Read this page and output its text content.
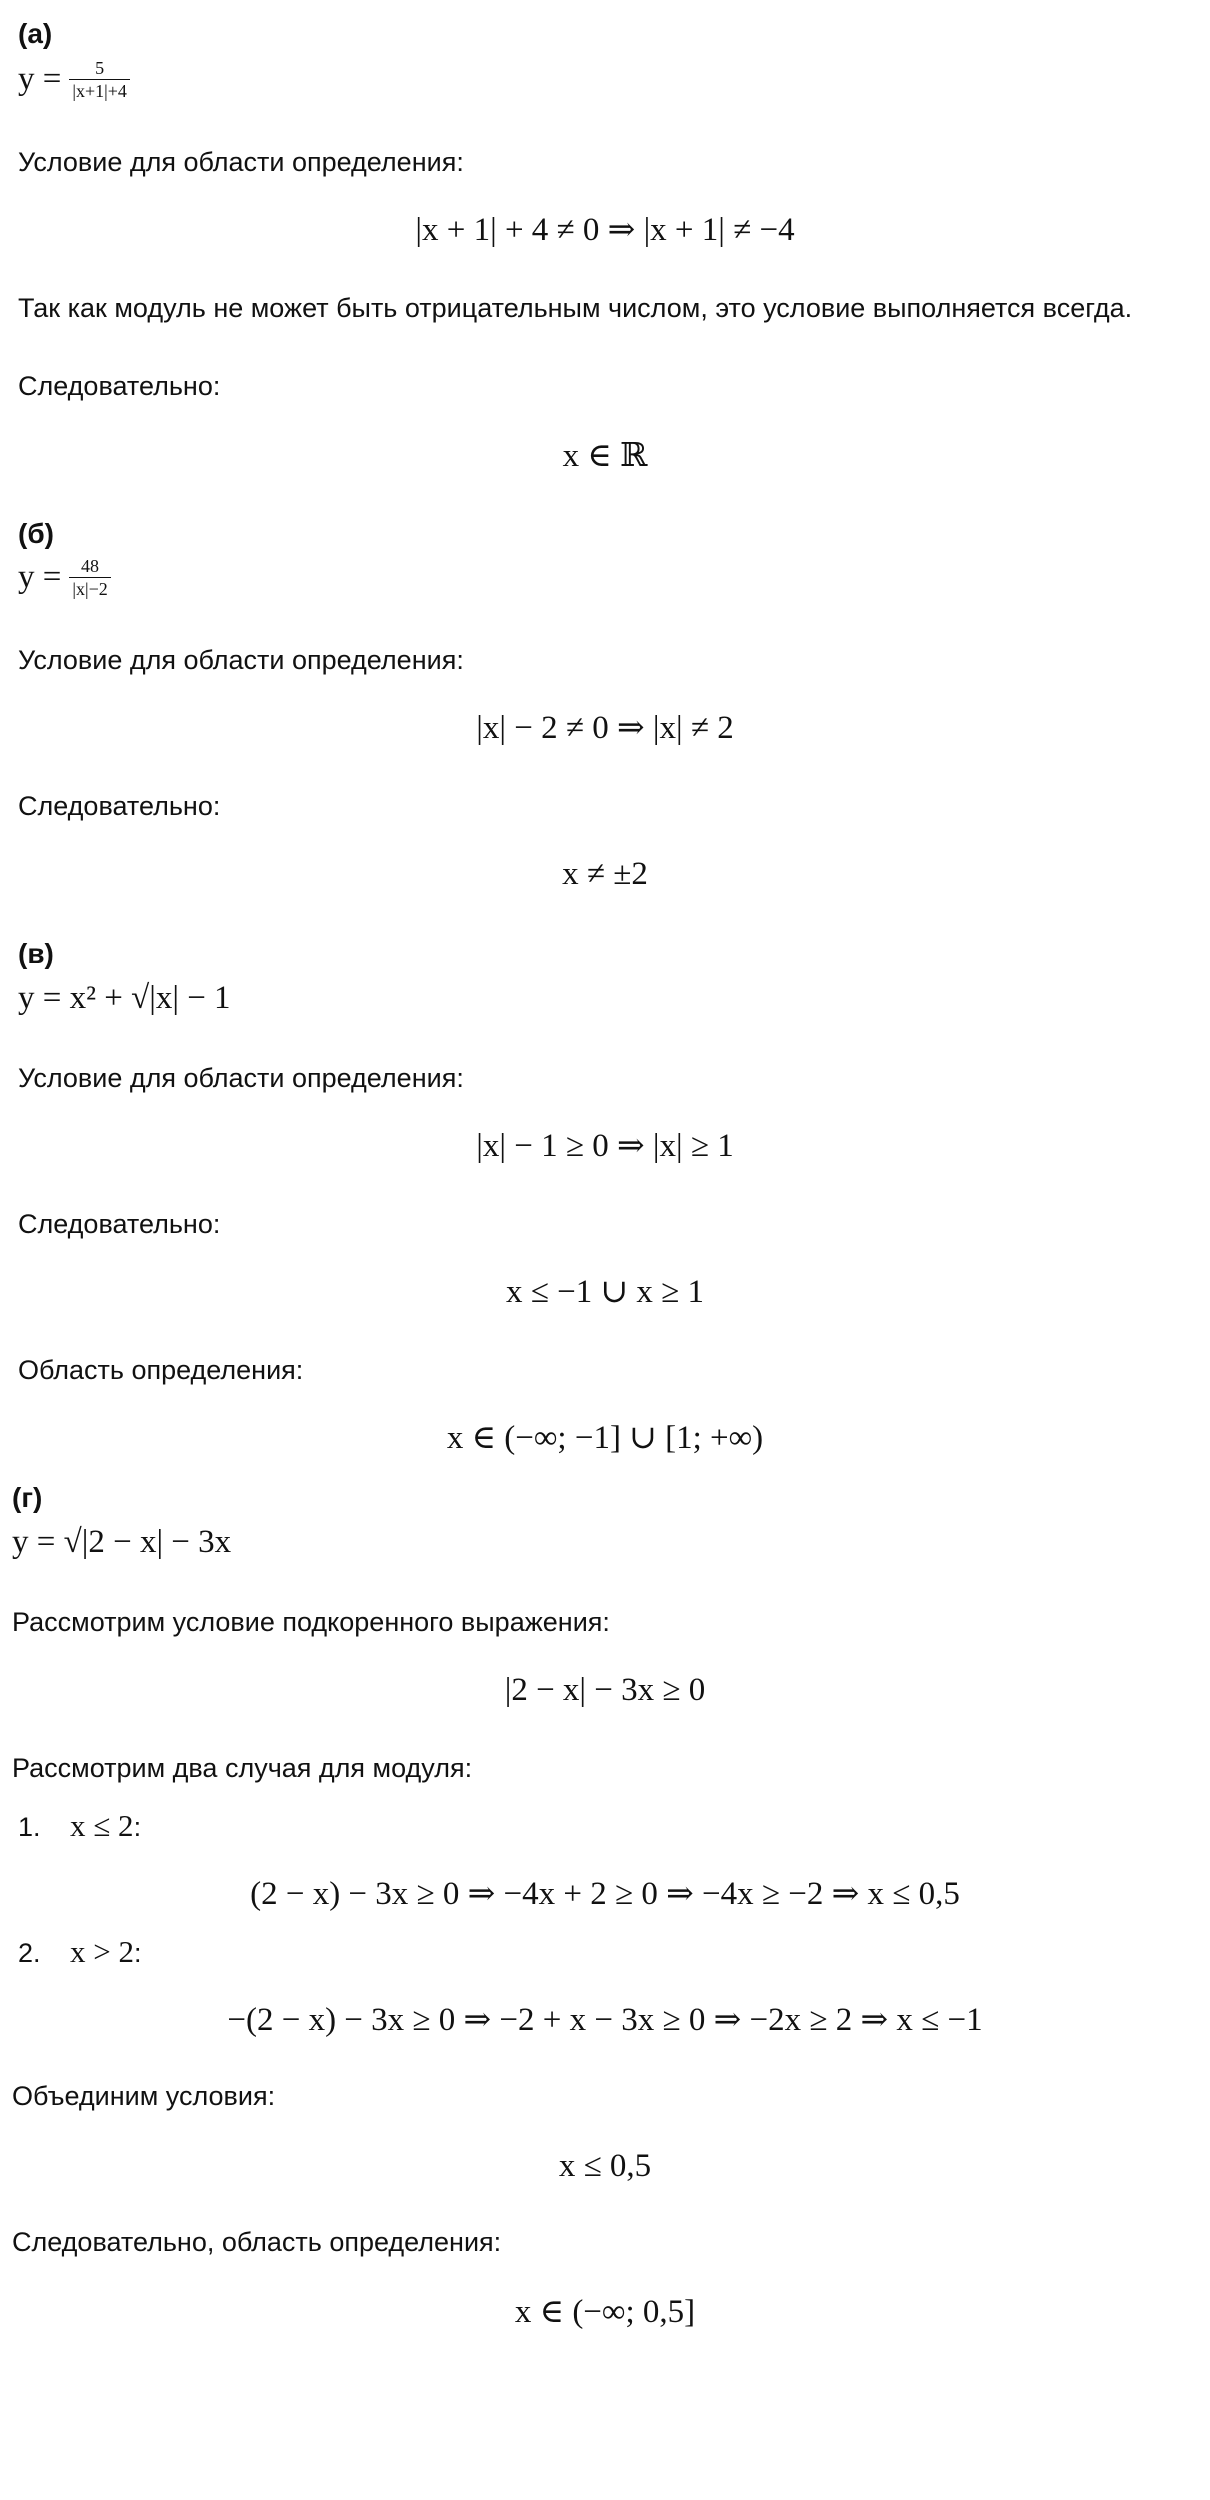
(а)
$y = \frac{5}{|x+1|+4}$
Условие для области определения:
|x + 1| + 4 ≠ 0 ⇒ |x + 1| ≠ −4
Так как модуль не может быть отрицательным числом, это условие выполняется всегда.
Следовательно:
x ∈ ℝ
(б)
$y = \frac{48}{|x|-2}$
Условие для области определения:
|x| − 2 ≠ 0 ⇒ |x| ≠ 2
Следовательно:
x ≠ ±2
(в)
y = x² + √|x| − 1
Условие для области определения:
|x| − 1 ≥ 0 ⇒ |x| ≥ 1
Следовательно:
x ≤ −1 ∪ x ≥ 1
Область определения:
x ∈ (−∞; −1] ∪ [1; +∞)
(г)
y = √|2 − x| − 3x
Рассмотрим условие подкоренного выражения:
|2 − x| − 3x ≥ 0
Рассмотрим два случая для модуля:
1. x ≤ 2:
(2 − x) − 3x ≥ 0 ⇒ −4x + 2 ≥ 0 ⇒ −4x ≥ −2 ⇒ x ≤ 0,5
2. x > 2:
−(2 − x) − 3x ≥ 0 ⇒ −2 + x − 3x ≥ 0 ⇒ −2x ≥ 2 ⇒ x ≤ −1
Объединим условия:
x ≤ 0,5
Следовательно, область определения:
x ∈ (−∞; 0,5]
